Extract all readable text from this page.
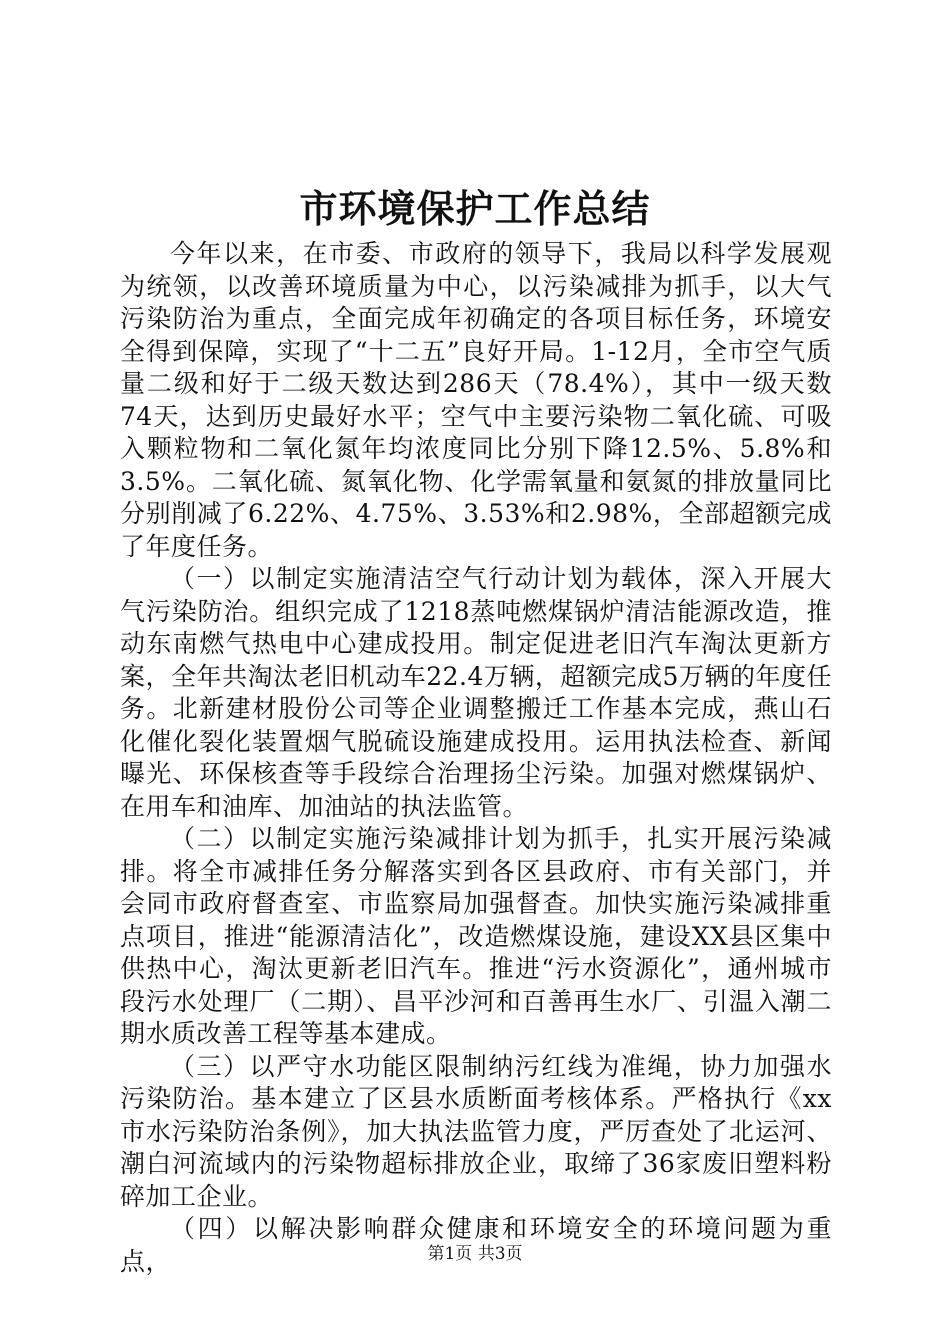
市环境保护工作总结

今年以来，在市委、市政府的领导下，我局以科学发展观为统领，以改善环境质量为中心，以污染减排为抓手，以大气污染防治为重点，全面完成年初确定的各项目标任务，环境安全得到保障，实现了“十二五”良好开局。1-12月，全市空气质量二级和好于二级天数达到286天（78.4%），其中一级天数74天，达到历史最好水平；空气中主要污染物二氧化硫、可吸入颗粒物和二氧化氮年均浓度同比分别下降12.5%、5.8%和3.5%。二氧化硫、氮氧化物、化学需氧量和氨氮的排放量同比分别削减了6.22%、4.75%、3.53%和2.98%，全部超额完成了年度任务。

（一）以制定实施清洁空气行动计划为载体，深入开展大气污染防治。组织完成了1218蒸吨燃煤锅炉清洁能源改造，推动东南燃气热电中心建成投用。制定促进老旧汽车淘汰更新方案，全年共淘汰老旧机动车22.4万辆，超额完成5万辆的年度任务。北新建材股份公司等企业调整搬迁工作基本完成，燕山石化催化裂化装置烟气脱硫设施建成投用。运用执法检查、新闻曝光、环保核查等手段综合治理扬尘污染。加强对燃煤锅炉、在用车和油库、加油站的执法监管。

（二）以制定实施污染减排计划为抓手，扎实开展污染减排。将全市减排任务分解落实到各区县政府、市有关部门，并会同市政府督查室、市监察局加强督查。加快实施污染减排重点项目，推进“能源清洁化”，改造燃煤设施，建设XX县区集中供热中心，淘汰更新老旧汽车。推进“污水资源化”，通州城市段污水处理厂（二期）、昌平沙河和百善再生水厂、引温入潮二期水质改善工程等基本建成。

（三）以严守水功能区限制纳污红线为准绳，协力加强水污染防治。基本建立了区县水质断面考核体系。严格执行《xx市水污染防治条例》，加大执法监管力度，严厉查处了北运河、潮白河流域内的污染物超标排放企业，取缔了36家废旧塑料粉碎加工企业。

（四）以解决影响群众健康和环境安全的环境问题为重点，	第1页 共3页
